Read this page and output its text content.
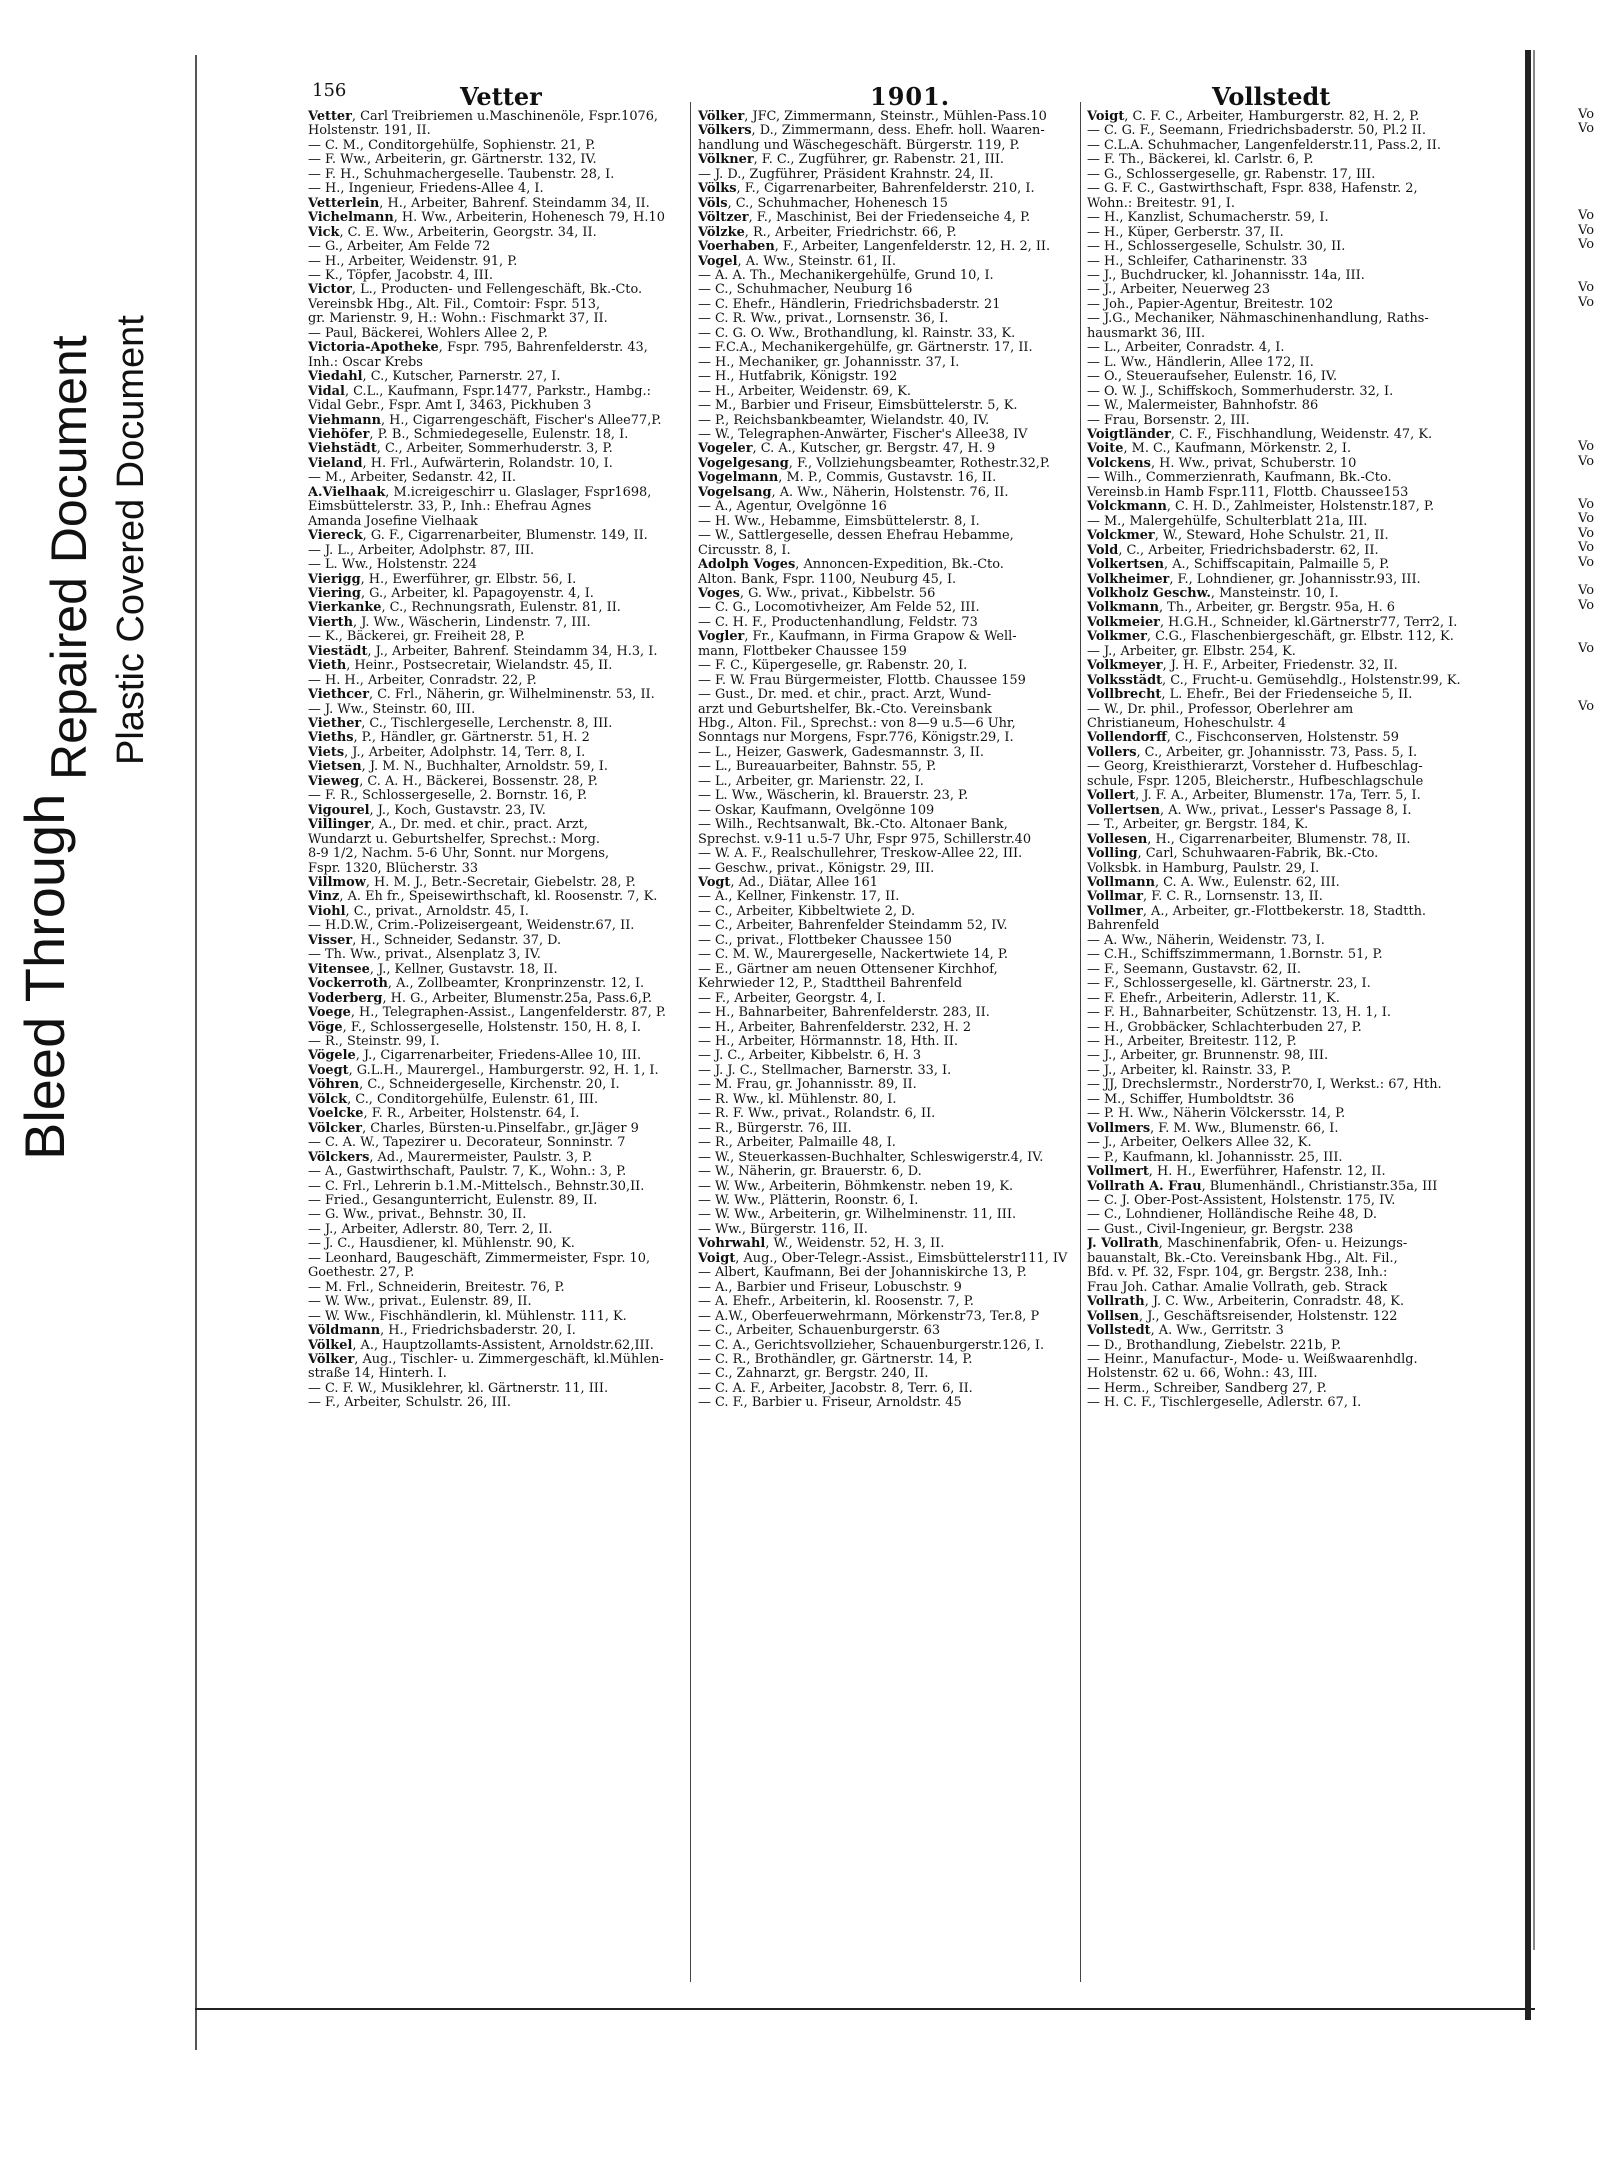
Bleed Through
Repaired Document Plastic Covered Document
156	Vetter	1901.	Vollstedt
Vetter, Carl Treibriemen u.Maschinenöle, Fspr.1076,
Holstenstr. 191, II.
— C. M., Conditorgehülfe, Sophienstr. 21, P.
— F. Ww., Arbeiterin, gr. Gärtnerstr. 132, IV.
— F. H., Schuhmachergeselle. Taubenstr. 28, I.
— H., Ingenieur, Friedens-Allee 4, I.
Vetterlein, H., Arbeiter, Bahrenf. Steindamm 34, II.
Vichelmann, H. Ww., Arbeiterin, Hohenesch 79, H.10
Vick, C. E. Ww., Arbeiterin, Georgstr. 34, II.
— G., Arbeiter, Am Felde 72
— H., Arbeiter, Weidenstr. 91, P.
— K., Töpfer, Jacobstr. 4, III.
Victor, L., Producten- und Fellengeschäft, Bk.-Cto.
Vereinsbk Hbg., Alt. Fil., Comtoir: Fspr. 513,
gr. Marienstr. 9, H.: Wohn.: Fischmarkt 37, II.
— Paul, Bäckerei, Wohlers Allee 2, P.
Victoria-Apotheke, Fspr. 795, Bahrenfelderstr. 43,
Inh.: Oscar Krebs
Viedahl, C., Kutscher, Parnerstr. 27, I.
Vidal, C.L., Kaufmann, Fspr.1477, Parkstr., Hambg.:
Vidal Gebr., Fspr. Amt I, 3463, Pickhuben 3
Viehmann, H., Cigarrengeschäft, Fischer's Allee77,P.
Viehöfer, P. B., Schmiedegeselle, Eulenstr. 18, I.
Viehstädt, C., Arbeiter, Sommerhuderstr. 3, P.
Vieland, H. Frl., Aufwärterin, Rolandstr. 10, I.
— M., Arbeiter, Sedanstr. 42, II.
A.Vielhaak, M.icreigeschirr u. Glaslager, Fspr1698,
Eimsbüttelerstr. 33, P., Inh.: Ehefrau Agnes
Amanda Josefine Vielhaak
Viereck, G. F., Cigarrenarbeiter, Blumenstr. 149, II.
— J. L., Arbeiter, Adolphstr. 87, III.
— L. Ww., Holstenstr. 224
Vierigg, H., Ewerführer, gr. Elbstr. 56, I.
Viering, G., Arbeiter, kl. Papagoyenstr. 4, I.
Vierkanke, C., Rechnungsrath, Eulenstr. 81, II.
Vierth, J. Ww., Wäscherin, Lindenstr. 7, III.
— K., Bäckerei, gr. Freiheit 28, P.
Viestädt, J., Arbeiter, Bahrenf. Steindamm 34, H.3, I.
Vieth, Heinr., Postsecretair, Wielandstr. 45, II.
— H. H., Arbeiter, Conradstr. 22, P.
Viethcer, C. Frl., Näherin, gr. Wilhelminenstr. 53, II.
— J. Ww., Steinstr. 60, III.
Viether, C., Tischlergeselle, Lerchenstr. 8, III.
Vieths, P., Händler, gr. Gärtnerstr. 51, H. 2
Viets, J., Arbeiter, Adolphstr. 14, Terr. 8, I.
Vietsen, J. M. N., Buchhalter, Arnoldstr. 59, I.
Vieweg, C. A. H., Bäckerei, Bossenstr. 28, P.
— F. R., Schlossergeselle, 2. Bornstr. 16, P.
Vigourel, J., Koch, Gustavstr. 23, IV.
Villinger, A., Dr. med. et chir., pract. Arzt,
Wundarzt u. Geburtshelfer, Sprechst.: Morg.
8-9 1/2, Nachm. 5-6 Uhr, Sonnt. nur Morgens,
Fspr. 1320, Blücherstr. 33
Villmow, H. M. J., Betr.-Secretair, Giebelstr. 28, P.
Vinz, A. Eh fr., Speisewirthschaft, kl. Roosenstr. 7, K.
Viohl, C., privat., Arnoldstr. 45, I.
— H.D.W., Crim.-Polizeisergeant, Weidenstr.67, II.
Visser, H., Schneider, Sedanstr. 37, D.
— Th. Ww., privat., Alsenplatz 3, IV.
Vitensee, J., Kellner, Gustavstr. 18, II.
Vockerroth, A., Zollbeamter, Kronprinzenstr. 12, I.
Voderberg, H. G., Arbeiter, Blumenstr.25a, Pass.6,P.
Voege, H., Telegraphen-Assist., Langenfelderstr. 87, P.
Vöge, F., Schlossergeselle, Holstenstr. 150, H. 8, I.
— R., Steinstr. 99, I.
Vögele, J., Cigarrenarbeiter, Friedens-Allee 10, III.
Voegt, G.L.H., Maurergel., Hamburgerstr. 92, H. 1, I.
Vöhren, C., Schneidergeselle, Kirchenstr. 20, I.
Völck, C., Conditorgehülfe, Eulenstr. 61, III.
Voelcke, F. R., Arbeiter, Holstenstr. 64, I.
Völcker, Charles, Bürsten-u.Pinselfabr., gr.Jäger 9
— C. A. W., Tapezirer u. Decorateur, Sonninstr. 7
Völckers, Ad., Maurermeister, Paulstr. 3, P.
— A., Gastwirthschaft, Paulstr. 7, K., Wohn.: 3, P.
— C. Frl., Lehrerin b.1.M.-Mittelsch., Behnstr.30,II.
— Fried., Gesangunterricht, Eulenstr. 89, II.
— G. Ww., privat., Behnstr. 30, II.
— J., Arbeiter, Adlerstr. 80, Terr. 2, II.
— J. C., Hausdiener, kl. Mühlenstr. 90, K.
— Leonhard, Baugeschäft, Zimmermeister, Fspr. 10,
Goethestr. 27, P.
— M. Frl., Schneiderin, Breitestr. 76, P.
— W. Ww., privat., Eulenstr. 89, II.
— W. Ww., Fischhändlerin, kl. Mühlenstr. 111, K.
Völdmann, H., Friedrichsbaderstr. 20, I.
Völkel, A., Hauptzollamts-Assistent, Arnoldstr.62,III.
Völker, Aug., Tischler- u. Zimmergeschäft, kl.Mühlen-
straße 14, Hinterh. I.
— C. F. W., Musiklehrer, kl. Gärtnerstr. 11, III.
— F., Arbeiter, Schulstr. 26, III.
Völker, JFC, Zimmermann, Steinstr., Mühlen-Pass.10
Völkers, D., Zimmermann, dess. Ehefr. holl. Waaren-
handlung und Wäschegeschäft. Bürgerstr. 119, P.
Völkner, F. C., Zugführer, gr. Rabenstr. 21, III.
— J. D., Zugführer, Präsident Krahnstr. 24, II.
Völks, F., Cigarrenarbeiter, Bahrenfelderstr. 210, I.
Völs, C., Schuhmacher, Hohenesch 15
Völtzer, F., Maschinist, Bei der Friedenseiche 4, P.
Völzke, R., Arbeiter, Friedrichstr. 66, P.
Voerhaben, F., Arbeiter, Langenfelderstr. 12, H. 2, II.
Vogel, A. Ww., Steinstr. 61, II.
— A. A. Th., Mechanikergehülfe, Grund 10, I.
— C., Schuhmacher, Neuburg 16
— C. Ehefr., Händlerin, Friedrichsbaderstr. 21
— C. R. Ww., privat., Lornsenstr. 36, I.
— C. G. O. Ww., Brothandlung, kl. Rainstr. 33, K.
— F.C.A., Mechanikergehülfe, gr. Gärtnerstr. 17, II.
— H., Mechaniker, gr. Johannisstr. 37, I.
— H., Hutfabrik, Königstr. 192
— H., Arbeiter, Weidenstr. 69, K.
— M., Barbier und Friseur, Eimsbüttelerstr. 5, K.
— P., Reichsbankbeamter, Wielandstr. 40, IV.
— W., Telegraphen-Anwärter, Fischer's Allee38, IV
Vogeler, C. A., Kutscher, gr. Bergstr. 47, H. 9
Vogelgesang, F., Vollziehungsbeamter, Rothestr.32,P.
Vogelmann, M. P., Commis, Gustavstr. 16, II.
Vogelsang, A. Ww., Näherin, Holstenstr. 76, II.
— A., Agentur, Ovelgönne 16
— H. Ww., Hebamme, Eimsbüttelerstr. 8, I.
— W., Sattlergeselle, dessen Ehefrau Hebamme,
Circusstr. 8, I.
Adolph Voges, Annoncen-Expedition, Bk.-Cto.
Alton. Bank, Fspr. 1100, Neuburg 45, I.
Voges, G. Ww., privat., Kibbelstr. 56
— C. G., Locomotivheizer, Am Felde 52, III.
— C. H. F., Productenhandlung, Feldstr. 73
Vogler, Fr., Kaufmann, in Firma Grapow & Well-
mann, Flottbeker Chaussee 159
— F. C., Küpergeselle, gr. Rabenstr. 20, I.
— F. W. Frau Bürgermeister, Flottb. Chaussee 159
— Gust., Dr. med. et chir., pract. Arzt, Wund-
arzt und Geburtshelfer, Bk.-Cto. Vereinsbank
Hbg., Alton. Fil., Sprechst.: von 8—9 u.5—6 Uhr,
Sonntags nur Morgens, Fspr.776, Königstr.29, I.
— L., Heizer, Gaswerk, Gadesmannstr. 3, II.
— L., Bureauarbeiter, Bahnstr. 55, P.
— L., Arbeiter, gr. Marienstr. 22, I.
— L. Ww., Wäscherin, kl. Brauerstr. 23, P.
— Oskar, Kaufmann, Ovelgönne 109
— Wilh., Rechtsanwalt, Bk.-Cto. Altonaer Bank,
Sprechst. v.9-11 u.5-7 Uhr, Fspr 975, Schillerstr.40
— W. A. F., Realschullehrer, Treskow-Allee 22, III.
— Geschw., privat., Königstr. 29, III.
Vogt, Ad., Diätar, Allee 161
— A., Kellner, Finkenstr. 17, II.
— C., Arbeiter, Kibbeltwiete 2, D.
— C., Arbeiter, Bahrenfelder Steindamm 52, IV.
— C., privat., Flottbeker Chaussee 150
— C. M. W., Maurergeselle, Nackertwiete 14, P.
— E., Gärtner am neuen Ottensener Kirchhof,
Kehrwieder 12, P., Stadttheil Bahrenfeld
— F., Arbeiter, Georgstr. 4, I.
— H., Bahnarbeiter, Bahrenfelderstr. 283, II.
— H., Arbeiter, Bahrenfelderstr. 232, H. 2
— H., Arbeiter, Hörmannstr. 18, Hth. II.
— J. C., Arbeiter, Kibbelstr. 6, H. 3
— J. J. C., Stellmacher, Barnerstr. 33, I.
— M. Frau, gr. Johannisstr. 89, II.
— R. Ww., kl. Mühlenstr. 80, I.
— R. F. Ww., privat., Rolandstr. 6, II.
— R., Bürgerstr. 76, III.
— R., Arbeiter, Palmaille 48, I.
— W., Steuerkassen-Buchhalter, Schleswigerstr.4, IV.
— W., Näherin, gr. Brauerstr. 6, D.
— W. Ww., Arbeiterin, Böhmkenstr. neben 19, K.
— W. Ww., Plätterin, Roonstr. 6, I.
— W. Ww., Arbeiterin, gr. Wilhelminenstr. 11, III.
— Ww., Bürgerstr. 116, II.
Vohrwahl, W., Weidenstr. 52, H. 3, II.
Voigt, Aug., Ober-Telegr.-Assist., Eimsbüttelerstr111, IV
— Albert, Kaufmann, Bei der Johanniskirche 13, P.
— A., Barbier und Friseur, Lobuschstr. 9
— A. Ehefr., Arbeiterin, kl. Roosenstr. 7, P.
— A.W., Oberfeuerwehrmann, Mörkenstr73, Ter.8, P
— C., Arbeiter, Schauenburgerstr. 63
— C. A., Gerichtsvollzieher, Schauenburgerstr.126, I.
— C. R., Brothändler, gr. Gärtnerstr. 14, P.
— C., Zahnarzt, gr. Bergstr. 240, II.
— C. A. F., Arbeiter, Jacobstr. 8, Terr. 6, II.
— C. F., Barbier u. Friseur, Arnoldstr. 45
Voigt, C. F. C., Arbeiter, Hamburgerstr. 82, H. 2, P.
— C. G. F., Seemann, Friedrichsbaderstr. 50, Pl.2 II.
— C.L.A. Schuhmacher, Langenfelderstr.11, Pass.2, II.
— F. Th., Bäckerei, kl. Carlstr. 6, P.
— G., Schlossergeselle, gr. Rabenstr. 17, III.
— G. F. C., Gastwirthschaft, Fspr. 838, Hafenstr. 2,
Wohn.: Breitestr. 91, I.
— H., Kanzlist, Schumacherstr. 59, I.
— H., Küper, Gerberstr. 37, II.
— H., Schlossergeselle, Schulstr. 30, II.
— H., Schleifer, Catharinenstr. 33
— J., Buchdrucker, kl. Johannisstr. 14a, III.
— J., Arbeiter, Neuerweg 23
— Joh., Papier-Agentur, Breitestr. 102
— J.G., Mechaniker, Nähmaschinenhandlung, Raths-
hausmarkt 36, III.
— L., Arbeiter, Conradstr. 4, I.
— L. Ww., Händlerin, Allee 172, II.
— O., Steueraufseher, Eulenstr. 16, IV.
— O. W. J., Schiffskoch, Sommerhuderstr. 32, I.
— W., Malermeister, Bahnhofstr. 86
— Frau, Borsenstr. 2, III.
Voigtländer, C. F., Fischhandlung, Weidenstr. 47, K.
Voite, M. C., Kaufmann, Mörkenstr. 2, I.
Volckens, H. Ww., privat, Schuberstr. 10
— Wilh., Commerzienrath, Kaufmann, Bk.-Cto.
Vereinsb.in Hamb Fspr.111, Flottb. Chaussee153
Volckmann, C. H. D., Zahlmeister, Holstenstr.187, P.
— M., Malergehülfe, Schulterblatt 21a, III.
Volckmer, W., Steward, Hohe Schulstr. 21, II.
Vold, C., Arbeiter, Friedrichsbaderstr. 62, II.
Volkertsen, A., Schiffscapitain, Palmaille 5, P.
Volkheimer, F., Lohndiener, gr. Johannisstr.93, III.
Volkholz Geschw., Mansteinstr. 10, I.
Volkmann, Th., Arbeiter, gr. Bergstr. 95a, H. 6
Volkmeier, H.G.H., Schneider, kl.Gärtnerstr77, Terr2, I.
Volkmer, C.G., Flaschenbiergeschäft, gr. Elbstr. 112, K.
— J., Arbeiter, gr. Elbstr. 254, K.
Volkmeyer, J. H. F., Arbeiter, Friedenstr. 32, II.
Volksstädt, C., Frucht-u. Gemüsehdlg., Holstenstr.99, K.
Vollbrecht, L. Ehefr., Bei der Friedenseiche 5, II.
— W., Dr. phil., Professor, Oberlehrer am
Christianeum, Hoheschulstr. 4
Vollendorff, C., Fischconserven, Holstenstr. 59
Vollers, C., Arbeiter, gr. Johannisstr. 73, Pass. 5, I.
— Georg, Kreisthierarzt, Vorsteher d. Hufbeschlag-
schule, Fspr. 1205, Bleicherstr., Hufbeschlagschule
Vollert, J. F. A., Arbeiter, Blumenstr. 17a, Terr. 5, I.
Vollertsen, A. Ww., privat., Lesser's Passage 8, I.
— T., Arbeiter, gr. Bergstr. 184, K.
Vollesen, H., Cigarrenarbeiter, Blumenstr. 78, II.
Volling, Carl, Schuhwaaren-Fabrik, Bk.-Cto.
Volksbk. in Hamburg, Paulstr. 29, I.
Vollmann, C. A. Ww., Eulenstr. 62, III.
Vollmar, F. C. R., Lornsenstr. 13, II.
Vollmer, A., Arbeiter, gr.-Flottbekerstr. 18, Stadtth.
Bahrenfeld
— A. Ww., Näherin, Weidenstr. 73, I.
— C.H., Schiffszimmermann, 1.Bornstr. 51, P.
— F., Seemann, Gustavstr. 62, II.
— F., Schlossergeselle, kl. Gärtnerstr. 23, I.
— F. Ehefr., Arbeiterin, Adlerstr. 11, K.
— F. H., Bahnarbeiter, Schützenstr. 13, H. 1, I.
— H., Grobbäcker, Schlachterbuden 27, P.
— H., Arbeiter, Breitestr. 112, P.
— J., Arbeiter, gr. Brunnenstr. 98, III.
— J., Arbeiter, kl. Rainstr. 33, P.
— JJ, Drechslermstr., Norderstr70, I, Werkst.: 67, Hth.
— M., Schiffer, Humboldtstr. 36
— P. H. Ww., Näherin Völckersstr. 14, P.
Vollmers, F. M. Ww., Blumenstr. 66, I.
— J., Arbeiter, Oelkers Allee 32, K.
— P., Kaufmann, kl. Johannisstr. 25, III.
Vollmert, H. H., Ewerführer, Hafenstr. 12, II.
Vollrath A. Frau, Blumenhändl., Christianstr.35a, III
— C. J. Ober-Post-Assistent, Holstenstr. 175, IV.
— C., Lohndiener, Holländische Reihe 48, D.
— Gust., Civil-Ingenieur, gr. Bergstr. 238
J. Vollrath, Maschinenfabrik, Ofen- u. Heizungs-
bauanstalt, Bk.-Cto. Vereinsbank Hbg., Alt. Fil.,
Bfd. v. Pf. 32, Fspr. 104, gr. Bergstr. 238, Inh.:
Frau Joh. Cathar. Amalie Vollrath, geb. Strack
Vollrath, J. C. Ww., Arbeiterin, Conradstr. 48, K.
Vollsen, J., Geschäftsreisender, Holstenstr. 122
Vollstedt, A. Ww., Gerritstr. 3
— D., Brothandlung, Ziebelstr. 221b, P.
— Heinr., Manufactur-, Mode- u. Weißwaarenhdlg.
Holstenstr. 62 u. 66, Wohn.: 43, III.
— Herm., Schreiber, Sandberg 27, P.
— H. C. F., Tischlergeselle, Adlerstr. 67, I.
Vo
Vo
Vo
Vo
Vo
Vo
Vo
Vo
Vo
Vo
Vo
Vo
Vo
Vo
Vo
Vo
Vo
Vo
